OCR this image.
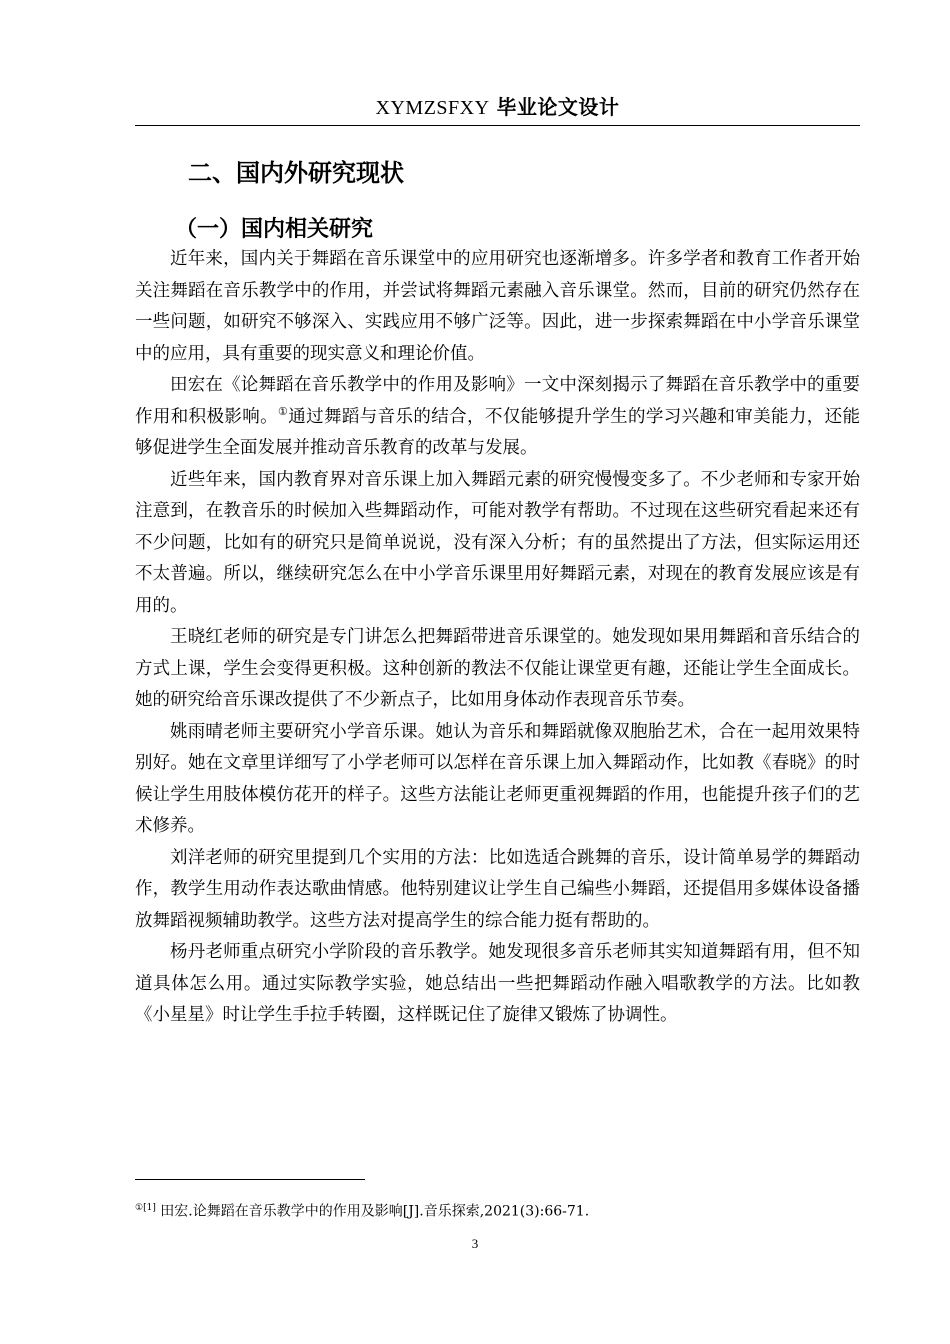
XYMZSFXY 毕业论文设计
二、国内外研究现状
（一）国内相关研究

近年来，国内关于舞蹈在音乐课堂中的应用研究也逐渐增多。许多学者和教育工作者开始关注舞蹈在音乐教学中的作用，并尝试将舞蹈元素融入音乐课堂。然而，目前的研究仍然存在一些问题，如研究不够深入、实践应用不够广泛等。因此，进一步探索舞蹈在中小学音乐课堂中的应用，具有重要的现实意义和理论价值。

田宏在《论舞蹈在音乐教学中的作用及影响》一文中深刻揭示了舞蹈在音乐教学中的重要作用和积极影响。①通过舞蹈与音乐的结合，不仅能够提升学生的学习兴趣和审美能力，还能够促进学生全面发展并推动音乐教育的改革与发展。

近些年来，国内教育界对音乐课上加入舞蹈元素的研究慢慢变多了。不少老师和专家开始注意到，在教音乐的时候加入些舞蹈动作，可能对教学有帮助。不过现在这些研究看起来还有不少问题，比如有的研究只是简单说说，没有深入分析；有的虽然提出了方法，但实际运用还不太普遍。所以，继续研究怎么在中小学音乐课里用好舞蹈元素，对现在的教育发展应该是有用的。

王晓红老师的研究是专门讲怎么把舞蹈带进音乐课堂的。她发现如果用舞蹈和音乐结合的方式上课，学生会变得更积极。这种创新的教法不仅能让课堂更有趣，还能让学生全面成长。她的研究给音乐课改提供了不少新点子，比如用身体动作表现音乐节奏。

姚雨晴老师主要研究小学音乐课。她认为音乐和舞蹈就像双胞胎艺术，合在一起用效果特别好。她在文章里详细写了小学老师可以怎样在音乐课上加入舞蹈动作，比如教《春晓》的时候让学生用肢体模仿花开的样子。这些方法能让老师更重视舞蹈的作用，也能提升孩子们的艺术修养。

刘洋老师的研究里提到几个实用的方法：比如选适合跳舞的音乐，设计简单易学的舞蹈动作，教学生用动作表达歌曲情感。他特别建议让学生自己编些小舞蹈，还提倡用多媒体设备播放舞蹈视频辅助教学。这些方法对提高学生的综合能力挺有帮助的。

杨丹老师重点研究小学阶段的音乐教学。她发现很多音乐老师其实知道舞蹈有用，但不知道具体怎么用。通过实际教学实验，她总结出一些把舞蹈动作融入唱歌教学的方法。比如教《小星星》时让学生手拉手转圈，这样既记住了旋律又锻炼了协调性。

$^{①[1]}$ 田宏.论舞蹈在音乐教学中的作用及影响[J].音乐探索,2021(3):66-71.
3
